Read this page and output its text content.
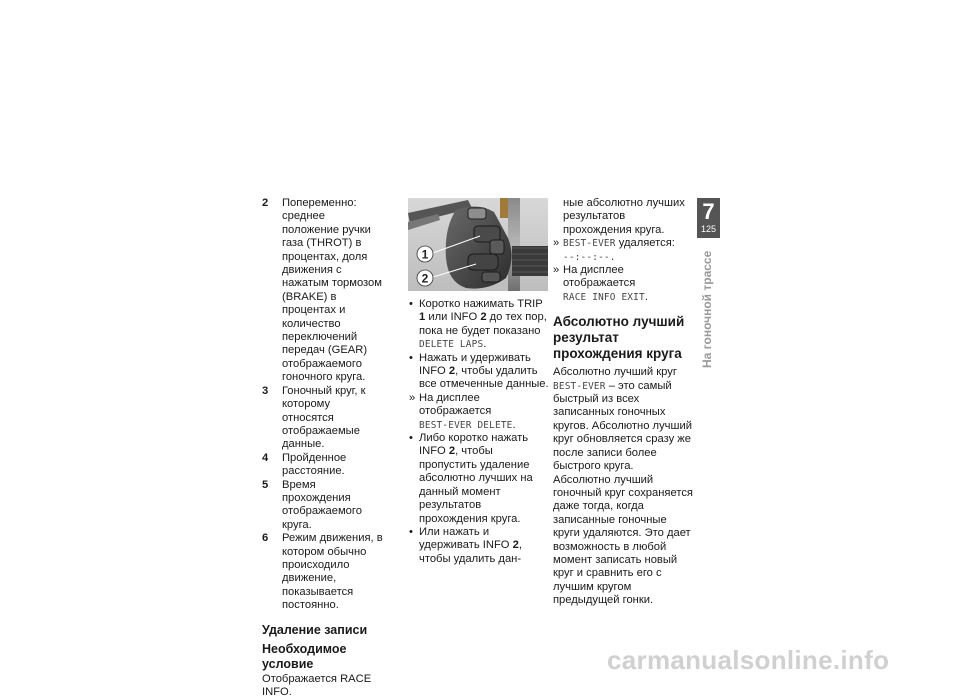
2	Попеременно: среднее положение ручки газа (THROT) в процентах, доля движения с нажатым тормозом (BRAKE) в процентах и количество переключений передач (GEAR) отображаемого гоночного круга.
3	Гоночный круг, к которому относятся отображаемые данные.
4	Пройденное расстояние.
5	Время прохождения отображаемого круга.
6	Режим движения, в котором обычно происходило движение, показывается постоянно.
Удаление записи
Необходимое условие
Отображается RACE INFO.
1
2
• Коротко нажимать TRIP 1 или INFO 2 до тех пор, пока не будет показано DELETE LAPS.
• Нажать и удерживать INFO 2, чтобы удалить все отмеченные данные.
» На дисплее отображается
BEST-EVER DELETE.
• Либо коротко нажать INFO 2, чтобы пропустить удаление абсолютно лучших на данный момент результатов прохождения круга.
• Или нажать и удерживать INFO 2, чтобы удалить дан-
ные абсолютно лучших результатов прохождения круга.
» BEST-EVER удаляется:
--:--:--.
» На дисплее отображается
RACE INFO EXIT.
Абсолютно лучший результат прохождения круга
Абсолютно лучший круг BEST-EVER – это самый быстрый из всех записанных гоночных кругов. Абсолютно лучший круг обновляется сразу же после записи более быстрого круга. Абсолютно лучший гоночный круг сохраняется даже тогда, когда записанные гоночные круги удаляются. Это дает возможность в любой момент записать новый круг и сравнить его с лучшим кругом предыдущей гонки.
7
125
На гоночной трассе
carmanualsonline.info
